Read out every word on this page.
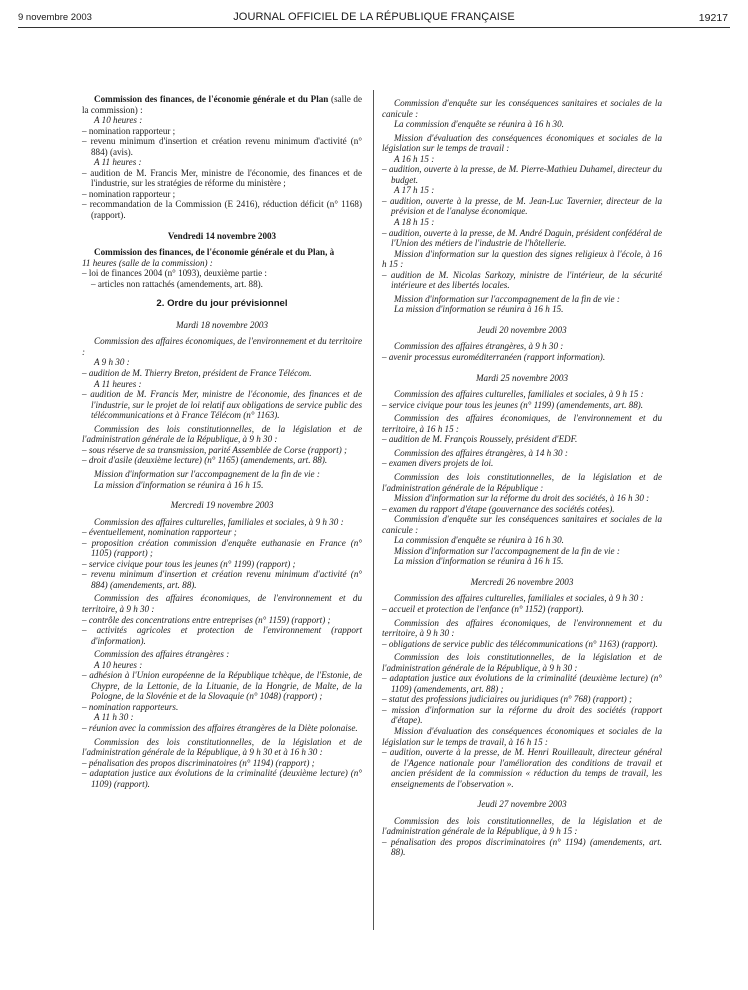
9 novembre 2003	JOURNAL OFFICIEL DE LA RÉPUBLIQUE FRANÇAISE	19217

Commission des finances, de l'économie générale et du Plan (salle de la commission) :

A 10 heures :

– nomination rapporteur ;

– revenu minimum d'insertion et création revenu minimum d'activité (n° 884) (avis).

A 11 heures :

– audition de M. Francis Mer, ministre de l'économie, des finances et de l'industrie, sur les stratégies de réforme du ministère ;

– nomination rapporteur ;

– recommandation de la Commission (E 2416), réduction déficit (n° 1168) (rapport).

Vendredi 14 novembre 2003

Commission des finances, de l'économie générale et du Plan, à

11 heures (salle de la commission) :

– loi de finances 2004 (n° 1093), deuxième partie :

– articles non rattachés (amendements, art. 88).

2. Ordre du jour prévisionnel

Mardi 18 novembre 2003

Commission des affaires économiques, de l'environnement et du territoire :

A 9 h 30 :

– audition de M. Thierry Breton, président de France Télécom.

A 11 heures :

– audition de M. Francis Mer, ministre de l'économie, des finances et de l'industrie, sur le projet de loi relatif aux obligations de service public des télécommunications et à France Télécom (n° 1163).

Commission des lois constitutionnelles, de la législation et de l'administration générale de la République, à 9 h 30 :

– sous réserve de sa transmission, parité Assemblée de Corse (rapport) ;

– droit d'asile (deuxième lecture) (n° 1165) (amendements, art. 88).

Mission d'information sur l'accompagnement de la fin de vie :

La mission d'information se réunira à 16 h 15.

Mercredi 19 novembre 2003

Commission des affaires culturelles, familiales et sociales, à 9 h 30 :

– éventuellement, nomination rapporteur ;

– proposition création commission d'enquête euthanasie en France (n° 1105) (rapport) ;

– service civique pour tous les jeunes (n° 1199) (rapport) ;

– revenu minimum d'insertion et création revenu minimum d'activité (n° 884) (amendements, art. 88).

Commission des affaires économiques, de l'environnement et du territoire, à 9 h 30 :

– contrôle des concentrations entre entreprises (n° 1159) (rapport) ;

– activités agricoles et protection de l'environnement (rapport d'information).

Commission des affaires étrangères :

A 10 heures :

– adhésion à l'Union européenne de la République tchèque, de l'Estonie, de Chypre, de la Lettonie, de la Lituanie, de la Hongrie, de Malte, de la Pologne, de la Slovénie et de la Slovaquie (n° 1048) (rapport) ;

– nomination rapporteurs.

A 11 h 30 :

– réunion avec la commission des affaires étrangères de la Diète polonaise.

Commission des lois constitutionnelles, de la législation et de l'administration générale de la République, à 9 h 30 et à 16 h 30 :

– pénalisation des propos discriminatoires (n° 1194) (rapport) ;

– adaptation justice aux évolutions de la criminalité (deuxième lecture) (n° 1109) (rapport).

Commission d'enquête sur les conséquences sanitaires et sociales de la canicule :

La commission d'enquête se réunira à 16 h 30.

Mission d'évaluation des conséquences économiques et sociales de la législation sur le temps de travail :

A 16 h 15 :

– audition, ouverte à la presse, de M. Pierre-Mathieu Duhamel, directeur du budget.

A 17 h 15 :

– audition, ouverte à la presse, de M. Jean-Luc Tavernier, directeur de la prévision et de l'analyse économique.

A 18 h 15 :

– audition, ouverte à la presse, de M. André Daguin, président confédéral de l'Union des métiers de l'industrie de l'hôtellerie.

Mission d'information sur la question des signes religieux à l'école, à 16 h 15 :

– audition de M. Nicolas Sarkozy, ministre de l'intérieur, de la sécurité intérieure et des libertés locales.

Mission d'information sur l'accompagnement de la fin de vie :

La mission d'information se réunira à 16 h 15.

Jeudi 20 novembre 2003

Commission des affaires étrangères, à 9 h 30 :

– avenir processus euroméditerranéen (rapport information).

Mardi 25 novembre 2003

Commission des affaires culturelles, familiales et sociales, à 9 h 15 :

– service civique pour tous les jeunes (n° 1199) (amendements, art. 88).

Commission des affaires économiques, de l'environnement et du territoire, à 16 h 15 :

– audition de M. François Roussely, président d'EDF.

Commission des affaires étrangères, à 14 h 30 :

– examen divers projets de loi.

Commission des lois constitutionnelles, de la législation et de l'administration générale de la République :

Mission d'information sur la réforme du droit des sociétés, à 16 h 30 :

– examen du rapport d'étape (gouvernance des sociétés cotées).

Commission d'enquête sur les conséquences sanitaires et sociales de la canicule :

La commission d'enquête se réunira à 16 h 30.

Mission d'information sur l'accompagnement de la fin de vie :

La mission d'information se réunira à 16 h 15.

Mercredi 26 novembre 2003

Commission des affaires culturelles, familiales et sociales, à 9 h 30 :

– accueil et protection de l'enfance (n° 1152) (rapport).

Commission des affaires économiques, de l'environnement et du territoire, à 9 h 30 :

– obligations de service public des télécommunications (n° 1163) (rapport).

Commission des lois constitutionnelles, de la législation et de l'administration générale de la République, à 9 h 30 :

– adaptation justice aux évolutions de la criminalité (deuxième lecture) (n° 1109) (amendements, art. 88) ;

– statut des professions judiciaires ou juridiques (n° 768) (rapport) ;

– mission d'information sur la réforme du droit des sociétés (rapport d'étape).

Mission d'évaluation des conséquences économiques et sociales de la législation sur le temps de travail, à 16 h 15 :

– audition, ouverte à la presse, de M. Henri Rouilleault, directeur général de l'Agence nationale pour l'amélioration des conditions de travail et ancien président de la commission « réduction du temps de travail, les enseignements de l'observation ».

Jeudi 27 novembre 2003

Commission des lois constitutionnelles, de la législation et de l'administration générale de la République, à 9 h 15 :

– pénalisation des propos discriminatoires (n° 1194) (amendements, art. 88).
